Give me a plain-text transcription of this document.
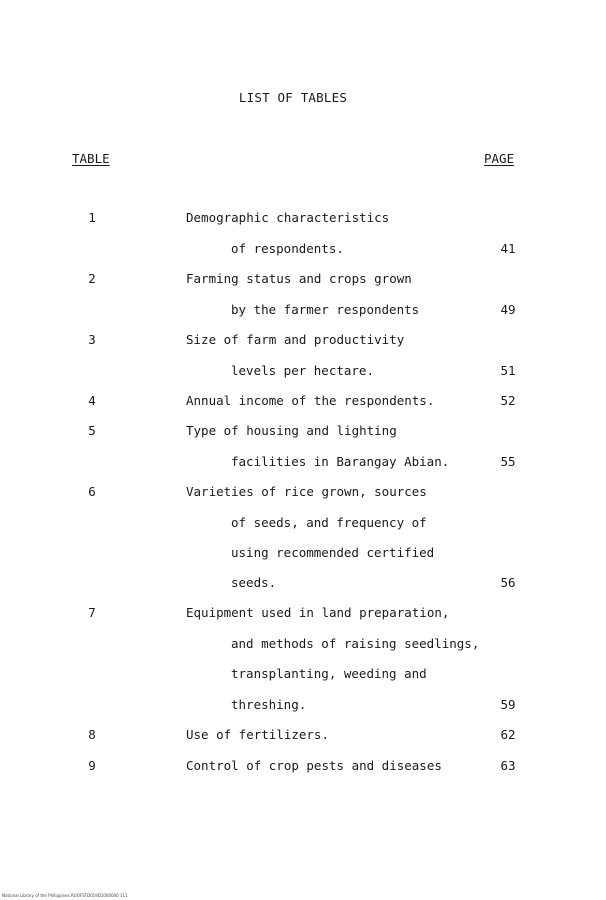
LIST OF TABLES
TABLE	PAGE
1	Demographic characteristics
of respondents.	41
2	Farming status and crops grown
by the farmer respondents	49
3	Size of farm and productivity
levels per hectare.	51
4	Annual income of the respondents.	52
5	Type of housing and lighting
facilities in Barangay Abian.	55
6	Varieties of rice grown, sources
of seeds, and frequency of
using recommended certified
seeds.	56
7	Equipment used in land preparation,
and methods of raising seedlings,
transplanting, weeding and
threshing.	59
8	Use of fertilizers.	62
9	Control of crop pests and diseases	63
National Library of the Philippines RUOFSTD019D1000000 111
